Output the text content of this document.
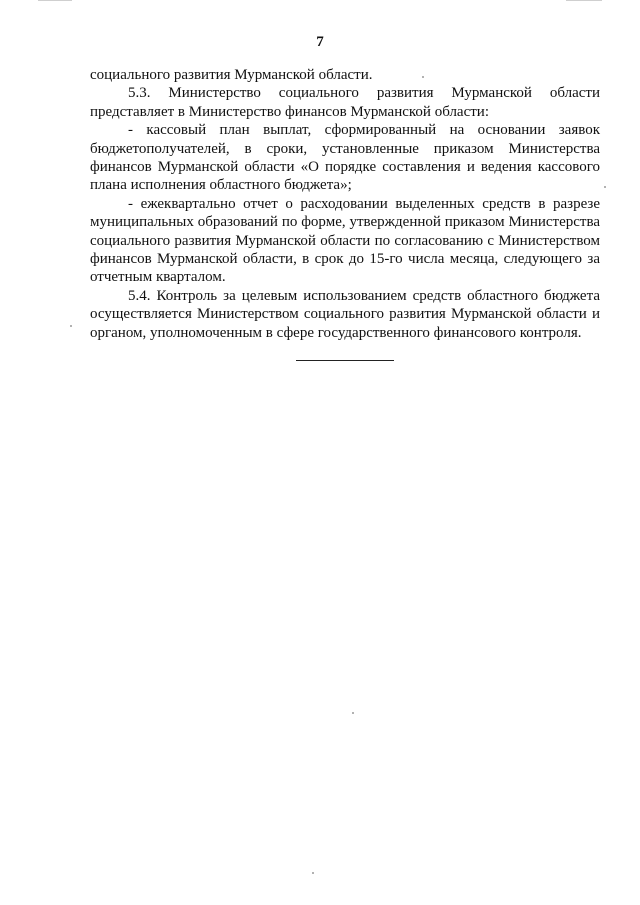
7

социального развития Мурманской области.

5.3. Министерство социального развития Мурманской области представляет в Министерство финансов Мурманской области:

- кассовый план выплат, сформированный на основании заявок бюджетополучателей, в сроки, установленные приказом Министерства финансов Мурманской области «О порядке составления и ведения кассового плана исполнения областного бюджета»;

- ежеквартально отчет о расходовании выделенных средств в разрезе муниципальных образований по форме, утвержденной приказом Министерства социального развития Мурманской области по согласованию с Министерством финансов Мурманской области, в срок до 15-го числа месяца, следующего за отчетным кварталом.

5.4. Контроль за целевым использованием средств областного бюджета осуществляется Министерством социального развития Мурманской области и органом, уполномоченным в сфере государственного финансового контроля.
